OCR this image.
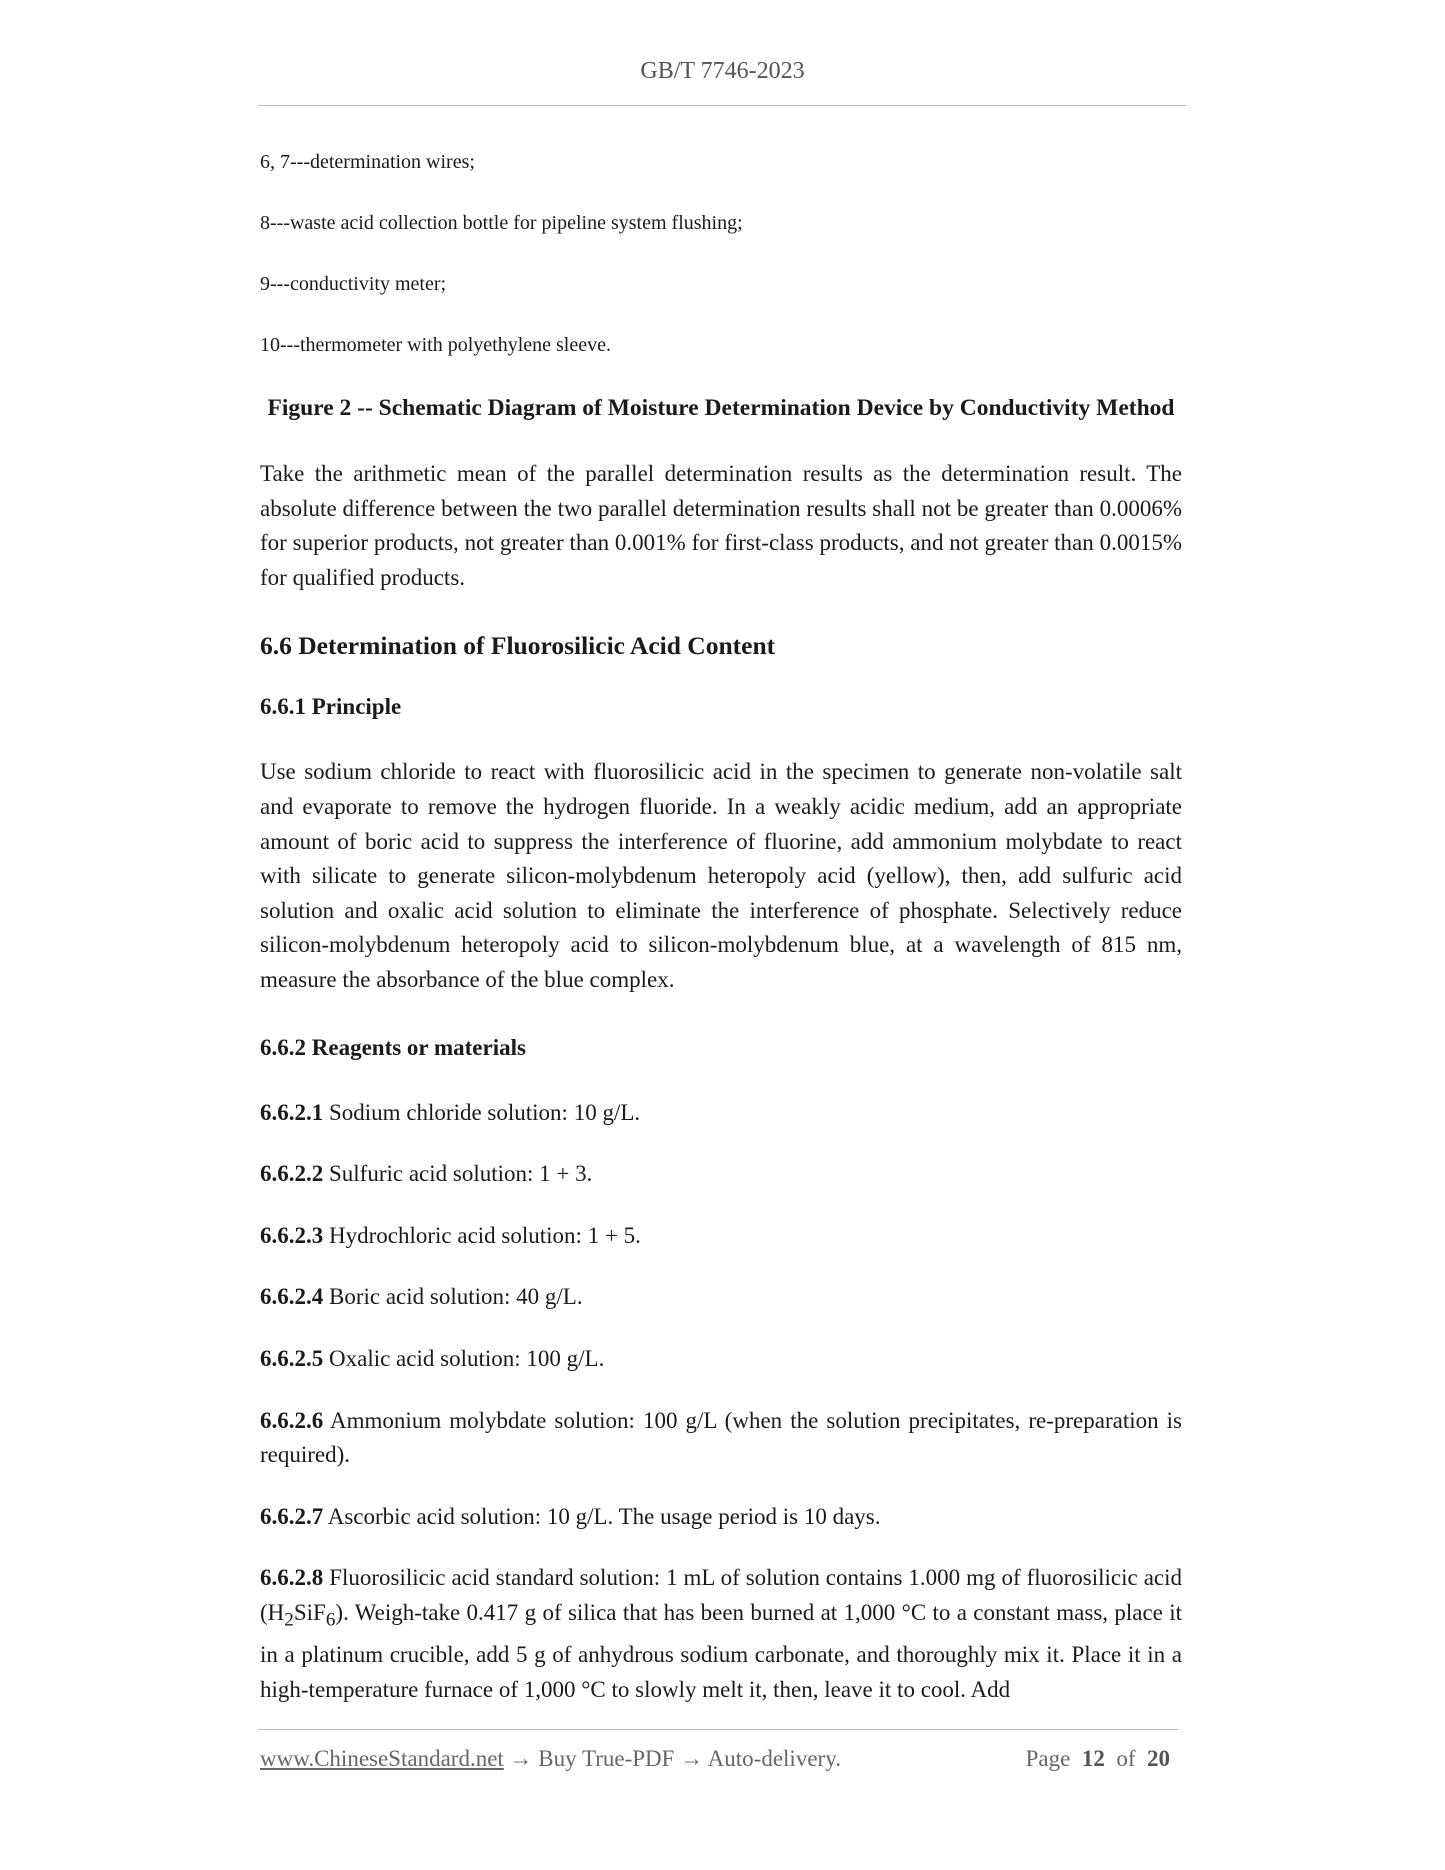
GB/T 7746-2023

6, 7---determination wires;

8---waste acid collection bottle for pipeline system flushing;

9---conductivity meter;

10---thermometer with polyethylene sleeve.

Figure 2 -- Schematic Diagram of Moisture Determination Device by Conductivity Method

Take the arithmetic mean of the parallel determination results as the determination result. The absolute difference between the two parallel determination results shall not be greater than 0.0006% for superior products, not greater than 0.001% for first-class products, and not greater than 0.0015% for qualified products.

6.6 Determination of Fluorosilicic Acid Content
6.6.1 Principle

Use sodium chloride to react with fluorosilicic acid in the specimen to generate non-volatile salt and evaporate to remove the hydrogen fluoride. In a weakly acidic medium, add an appropriate amount of boric acid to suppress the interference of fluorine, add ammonium molybdate to react with silicate to generate silicon-molybdenum heteropoly acid (yellow), then, add sulfuric acid solution and oxalic acid solution to eliminate the interference of phosphate. Selectively reduce silicon-molybdenum heteropoly acid to silicon-molybdenum blue, at a wavelength of 815 nm, measure the absorbance of the blue complex.

6.6.2 Reagents or materials

6.6.2.1 Sodium chloride solution: 10 g/L.

6.6.2.2 Sulfuric acid solution: 1 + 3.

6.6.2.3 Hydrochloric acid solution: 1 + 5.

6.6.2.4 Boric acid solution: 40 g/L.

6.6.2.5 Oxalic acid solution: 100 g/L.

6.6.2.6 Ammonium molybdate solution: 100 g/L (when the solution precipitates, re-preparation is required).

6.6.2.7 Ascorbic acid solution: 10 g/L. The usage period is 10 days.

6.6.2.8 Fluorosilicic acid standard solution: 1 mL of solution contains 1.000 mg of fluorosilicic acid $(H_2SiF_6)$. Weigh-take 0.417 g of silica that has been burned at 1,000 °C to a constant mass, place it in a platinum crucible, add 5 g of anhydrous sodium carbonate, and thoroughly mix it. Place it in a high-temperature furnace of 1,000 °C to slowly melt it, then, leave it to cool. Add

www.ChineseStandard.net → Buy True-PDF → Auto-delivery.	Page 12 of 20
